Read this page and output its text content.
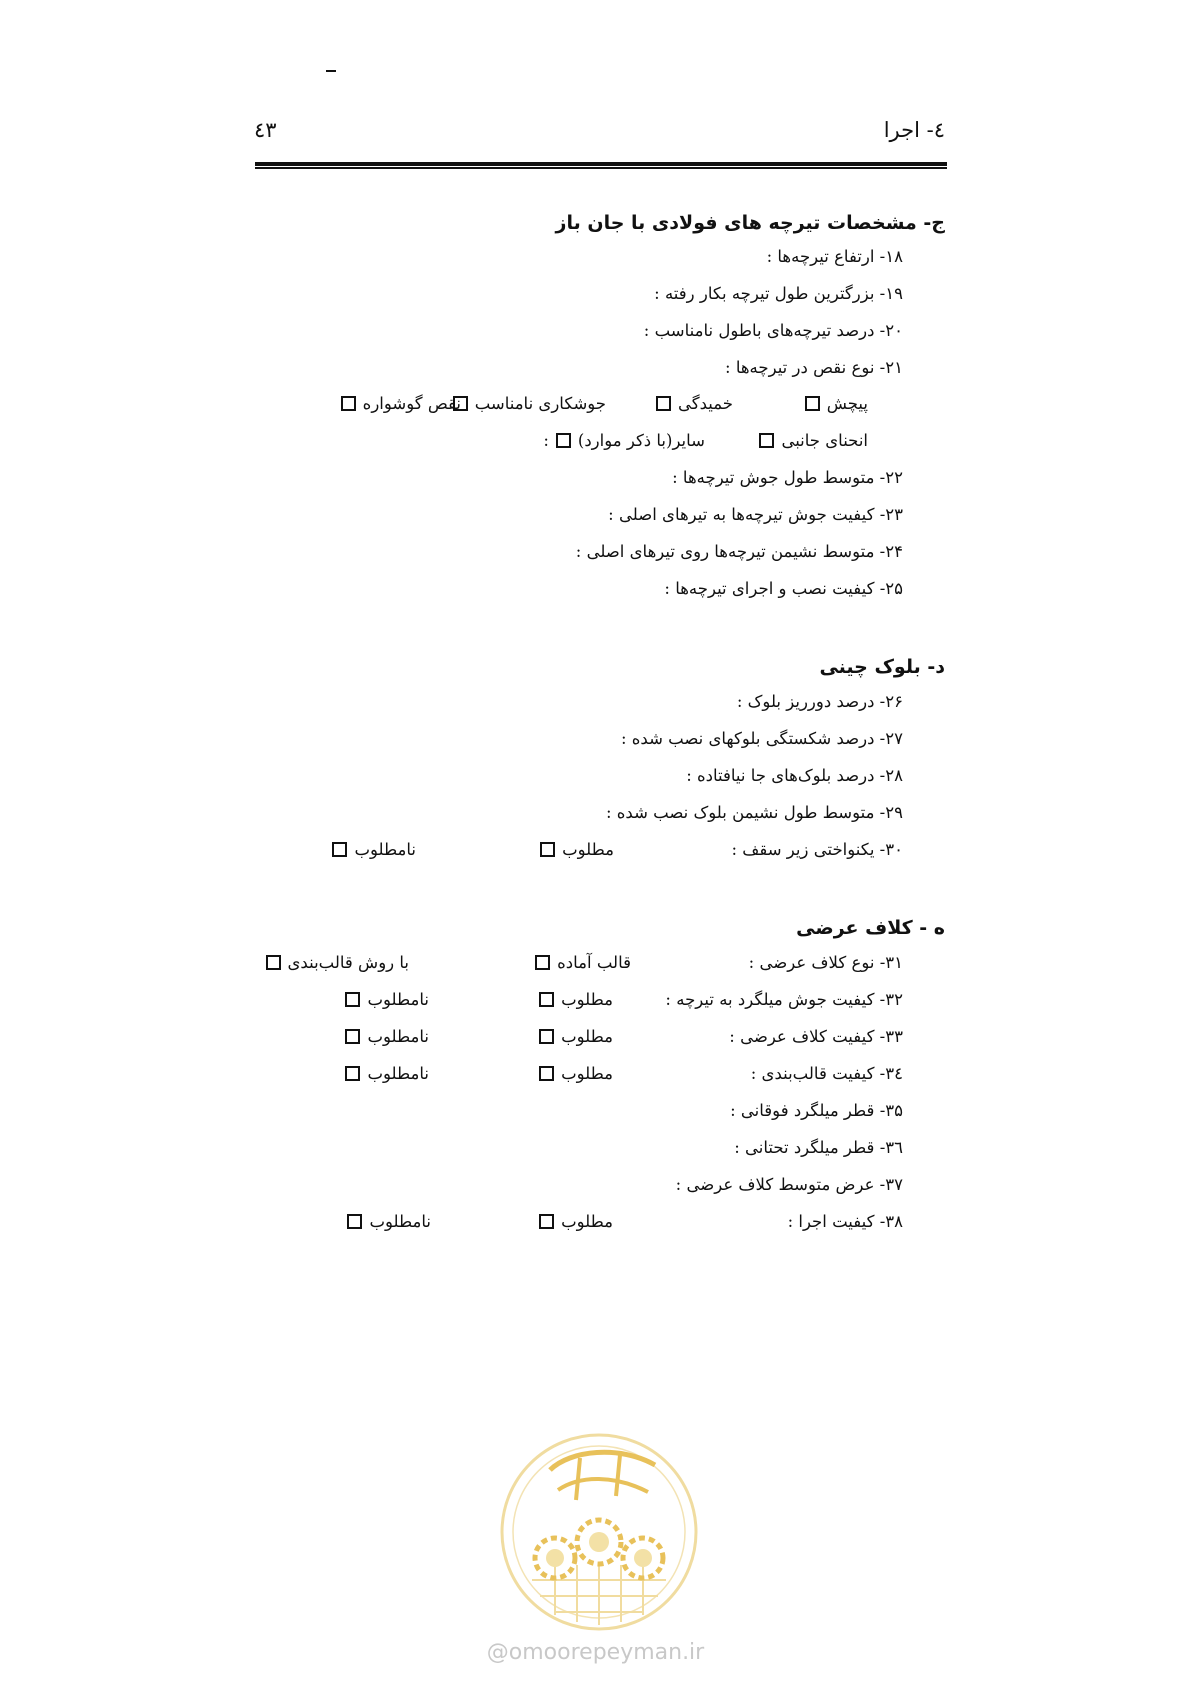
٤٣	٤- اجرا
ج- مشخصات تیرچه های فولادی با جان باز
۱۸- ارتفاع تیرچه‌ها :
۱۹- بزرگترین طول تیرچه بکار رفته :
۲۰- درصد تیرچه‌های باطول نامناسب :
۲۱- نوع نقص در تیرچه‌ها :
پیچش
خمیدگی
جوشکاری نامناسب
نقص گوشواره
انحنای جانبی
سایر(با ذکر موارد)
:
۲۲- متوسط طول جوش تیرچه‌ها :
۲۳- کیفیت جوش تیرچه‌ها به تیرهای اصلی :
۲۴- متوسط نشیمن تیرچه‌ها روی تیرهای اصلی :
۲۵- کیفیت نصب و اجرای تیرچه‌ها :
د- بلوک چینی
۲۶- درصد دورریز بلوک :
۲۷- درصد شکستگی بلوکهای نصب شده :
۲۸- درصد بلوک‌های جا نیافتاده :
۲۹- متوسط طول نشیمن بلوک نصب شده :
۳۰- یکنواختی زیر سقف :
مطلوب
نامطلوب
ه - کلاف عرضی
۳۱- نوع کلاف عرضی :
قالب آماده
با روش قالب‌بندی
۳۲- کیفیت جوش میلگرد به تیرچه :
مطلوب
نامطلوب
۳۳- کیفیت کلاف عرضی :
مطلوب
نامطلوب
۳٤- کیفیت قالب‌بندی :
مطلوب
نامطلوب
۳۵- قطر میلگرد فوقانی :
۳٦- قطر میلگرد تحتانی :
۳۷- عرض متوسط کلاف عرضی :
۳۸- کیفیت اجرا :
مطلوب
نامطلوب
@omoorepeyman.ir
